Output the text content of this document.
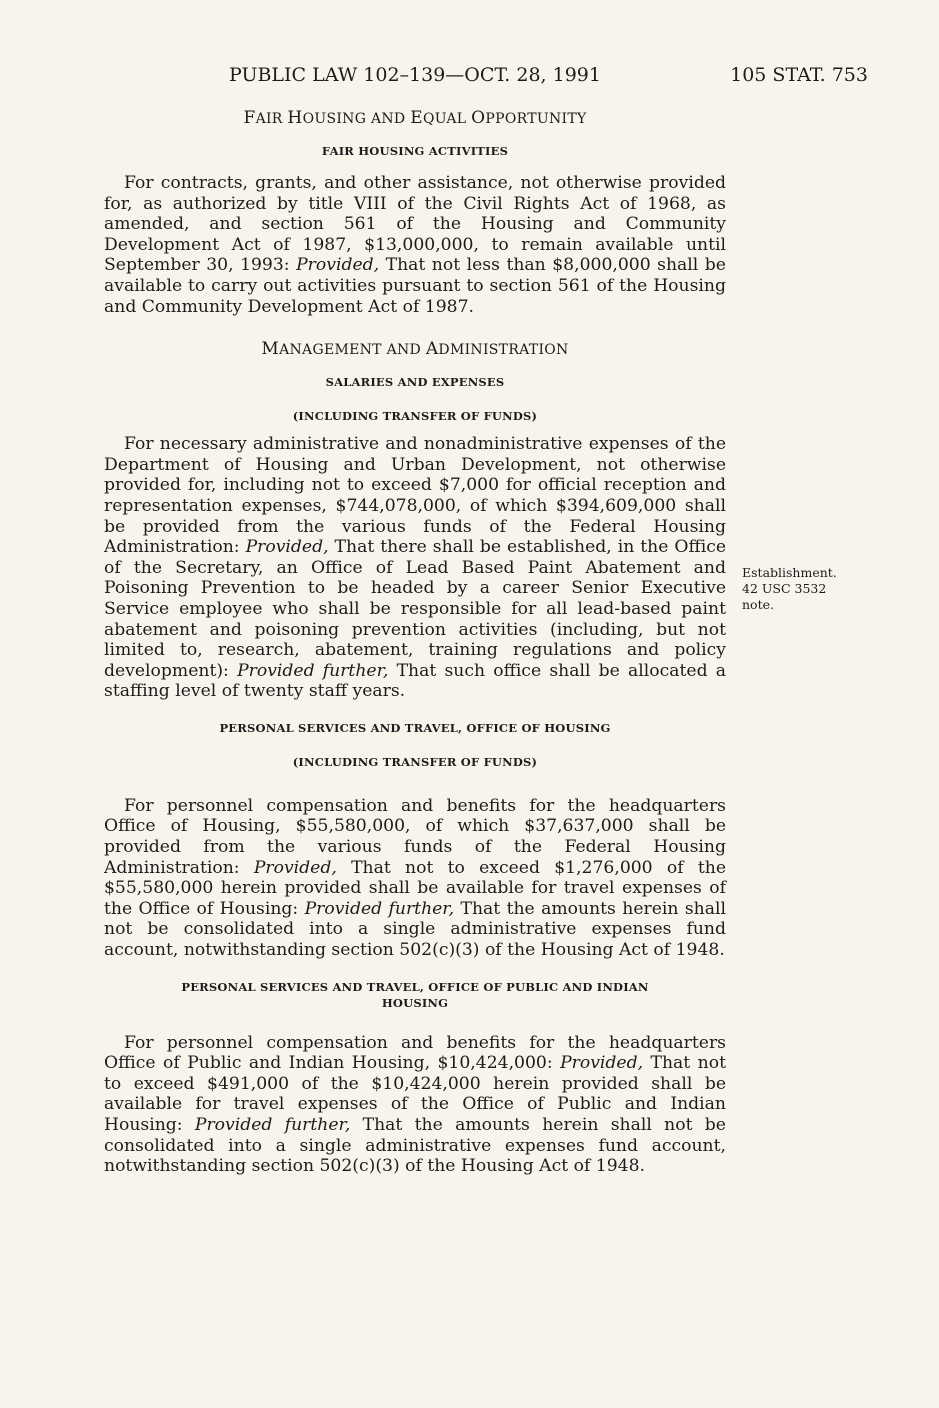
PUBLIC LAW 102–139—OCT. 28, 1991	105 STAT. 753
FAIR HOUSING AND EQUAL OPPORTUNITY
FAIR HOUSING ACTIVITIES

For contracts, grants, and other assistance, not otherwise provided for, as authorized by title VIII of the Civil Rights Act of 1968, as amended, and section 561 of the Housing and Community Development Act of 1987, $13,000,000, to remain available until September 30, 1993: Provided, That not less than $8,000,000 shall be available to carry out activities pursuant to section 561 of the Housing and Community Development Act of 1987.

MANAGEMENT AND ADMINISTRATION
SALARIES AND EXPENSES
(INCLUDING TRANSFER OF FUNDS)

For necessary administrative and nonadministrative expenses of the Department of Housing and Urban Development, not otherwise provided for, including not to exceed $7,000 for official reception and representation expenses, $744,078,000, of which $394,609,000 shall be provided from the various funds of the Federal Housing Administration: Provided, That there shall be established, in the Office of the Secretary, an Office of Lead Based Paint Abatement and Poisoning Prevention to be headed by a career Senior Executive Service employee who shall be responsible for all lead-based paint abatement and poisoning prevention activities (including, but not limited to, research, abatement, training regulations and policy development): Provided further, That such office shall be allocated a staffing level of twenty staff years.

PERSONAL SERVICES AND TRAVEL, OFFICE OF HOUSING
(INCLUDING TRANSFER OF FUNDS)

For personnel compensation and benefits for the headquarters Office of Housing, $55,580,000, of which $37,637,000 shall be provided from the various funds of the Federal Housing Administration: Provided, That not to exceed $1,276,000 of the $55,580,000 herein provided shall be available for travel expenses of the Office of Housing: Provided further, That the amounts herein shall not be consolidated into a single administrative expenses fund account, notwithstanding section 502(c)(3) of the Housing Act of 1948.

PERSONAL SERVICES AND TRAVEL, OFFICE OF PUBLIC AND INDIAN
HOUSING

For personnel compensation and benefits for the headquarters Office of Public and Indian Housing, $10,424,000: Provided, That not to exceed $491,000 of the $10,424,000 herein provided shall be available for travel expenses of the Office of Public and Indian Housing: Provided further, That the amounts herein shall not be consolidated into a single administrative expenses fund account, notwithstanding section 502(c)(3) of the Housing Act of 1948.

Establishment.
42 USC 3532
note.
